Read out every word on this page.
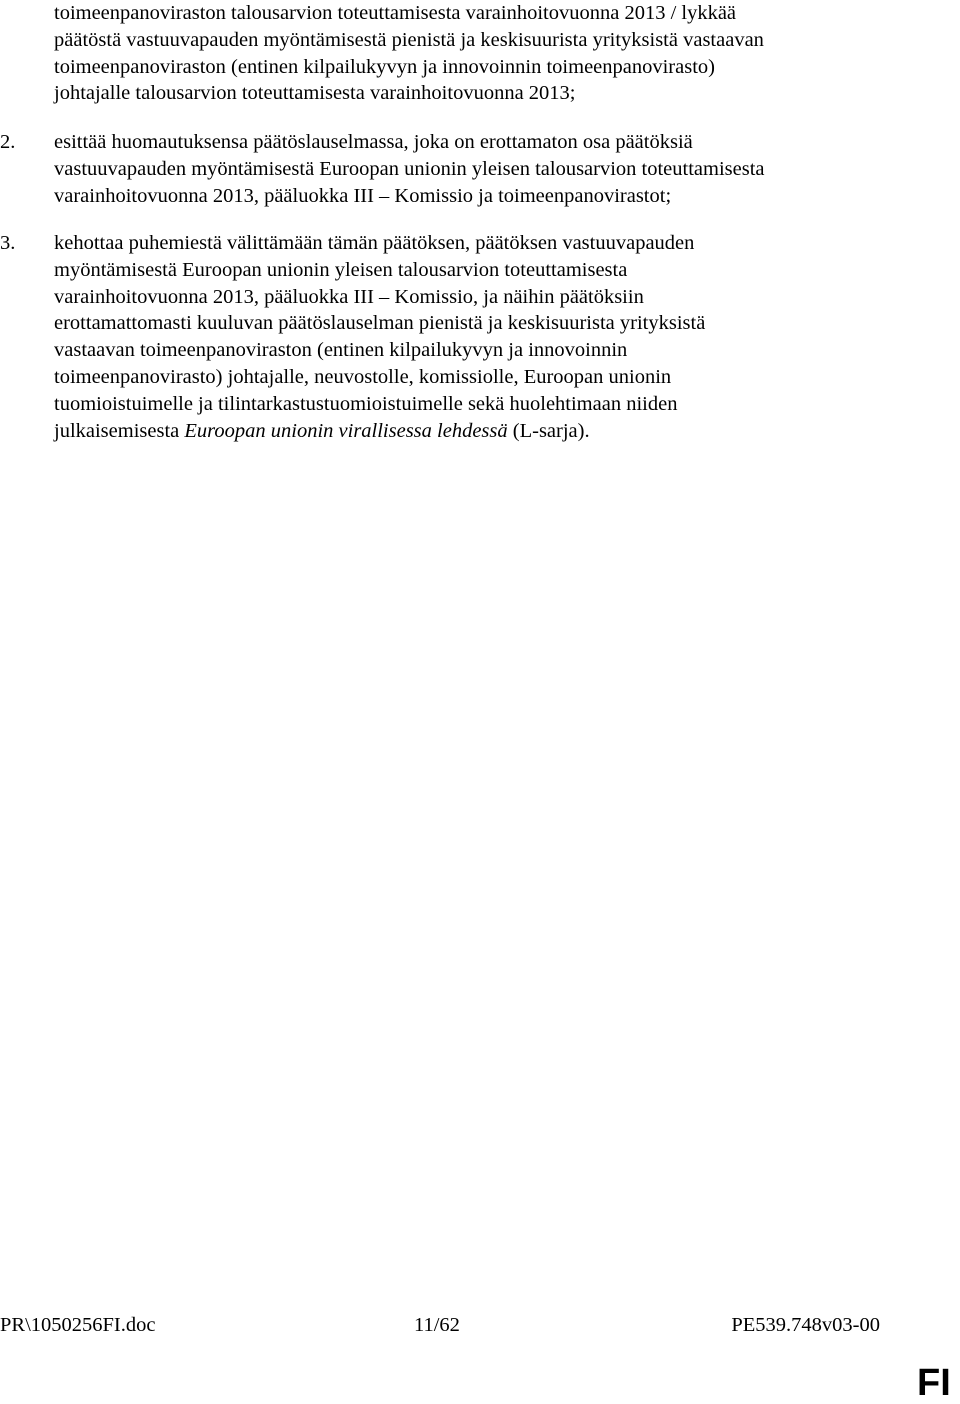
toimeenpanoviraston talousarvion toteuttamisesta varainhoitovuonna 2013 / lykkää
päätöstä vastuuvapauden myöntämisestä pienistä ja keskisuurista yrityksistä vastaavan
toimeenpanoviraston (entinen kilpailukyvyn ja innovoinnin toimeenpanovirasto)
johtajalle talousarvion toteuttamisesta varainhoitovuonna 2013;
2. esittää huomautuksensa päätöslauselmassa, joka on erottamaton osa päätöksiä
vastuuvapauden myöntämisestä Euroopan unionin yleisen talousarvion toteuttamisesta
varainhoitovuonna 2013, pääluokka III – Komissio ja toimeenpanovirastot;
3. kehottaa puhemiestä välittämään tämän päätöksen, päätöksen vastuuvapauden
myöntämisestä Euroopan unionin yleisen talousarvion toteuttamisesta
varainhoitovuonna 2013, pääluokka III – Komissio, ja näihin päätöksiin
erottamattomasti kuuluvan päätöslauselman pienistä ja keskisuurista yrityksistä
vastaavan toimeenpanoviraston (entinen kilpailukyvyn ja innovoinnin
toimeenpanovirasto) johtajalle, neuvostolle, komissiolle, Euroopan unionin
tuomioistuimelle ja tilintarkastustuomioistuimelle sekä huolehtimaan niiden
julkaisemisesta Euroopan unionin virallisessa lehdessä (L-sarja).
PR\1050256FI.doc	11/62	PE539.748v03-00
FI
